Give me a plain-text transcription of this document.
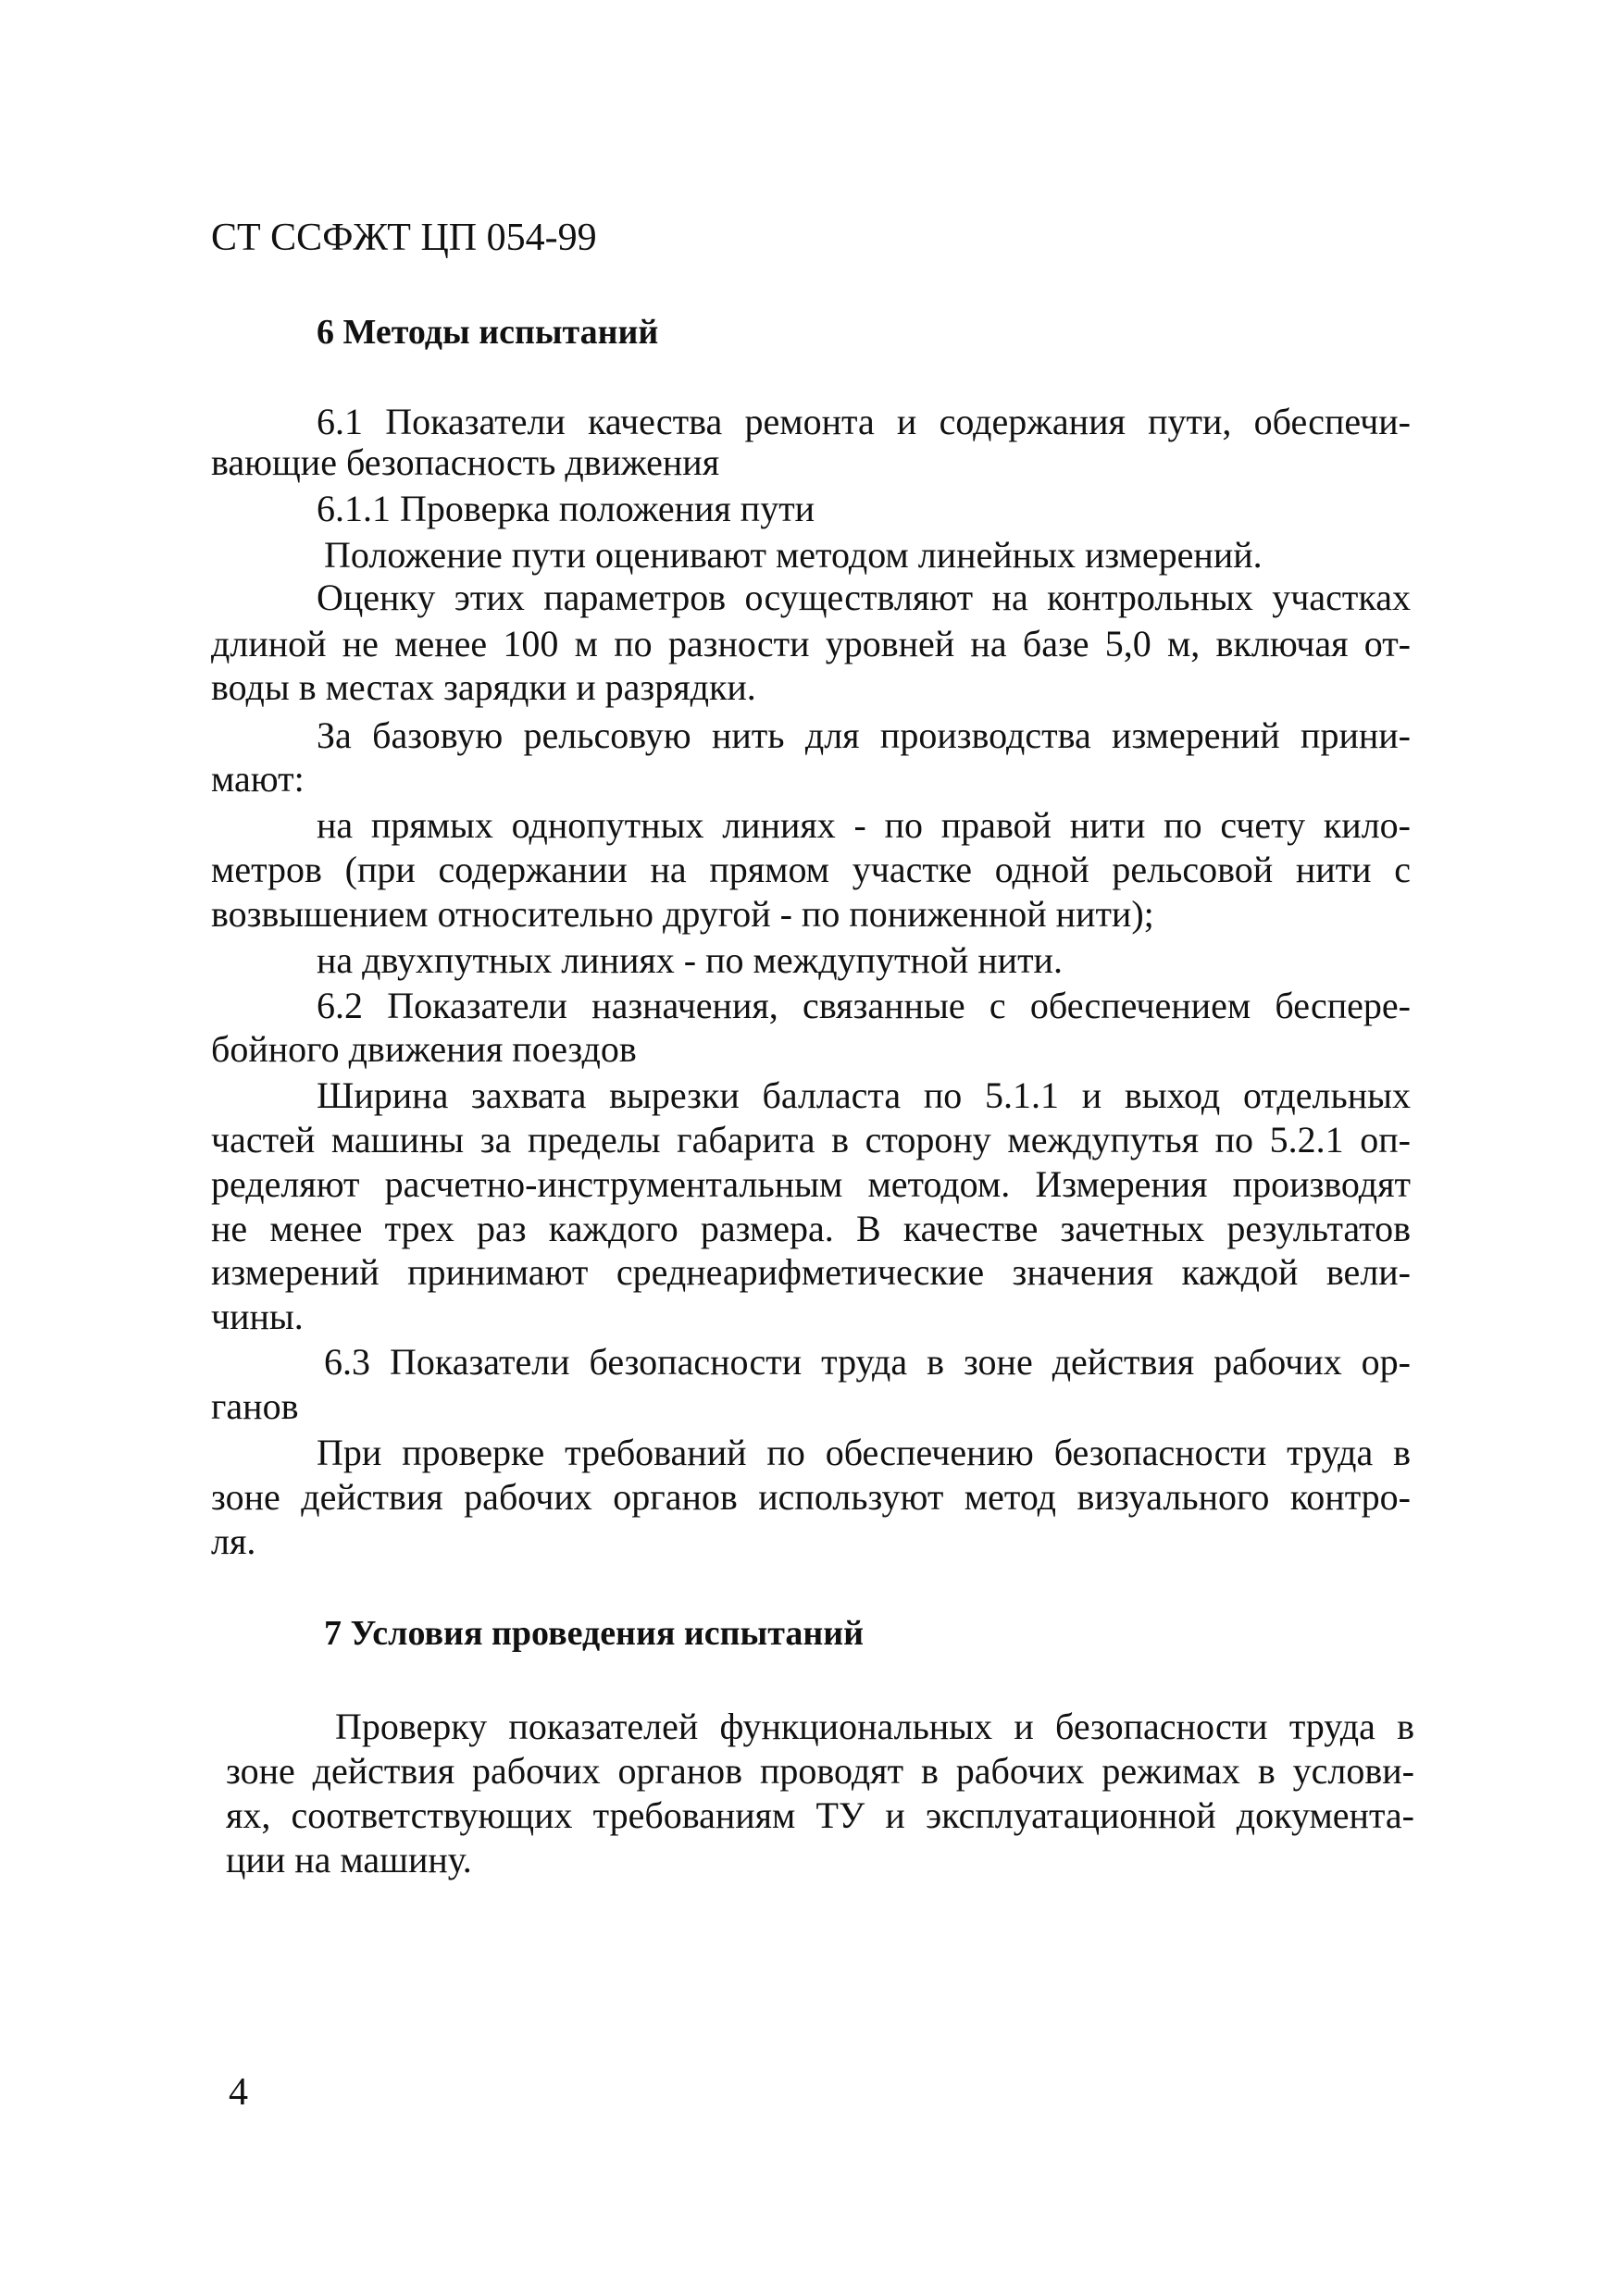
СТ ССФЖТ ЦП 054-99
6 Методы испытаний
6.1 Показатели качества ремонта и содержания пути, обеспечи-
вающие безопасность движения
6.1.1 Проверка положения пути
Положение пути оценивают методом линейных измерений.
Оценку этих параметров осуществляют на контрольных участках
длиной не менее 100 м по разности уровней на базе 5,0 м, включая от-
воды в местах зарядки и разрядки.
За базовую рельсовую нить для производства измерений прини-
мают:
на прямых однопутных линиях - по правой нити по счету кило-
метров (при содержании на прямом участке одной рельсовой нити с
возвышением относительно другой - по пониженной нити);
на двухпутных линиях - по междупутной нити.
6.2 Показатели назначения, связанные с обеспечением беспере-
бойного движения поездов
Ширина захвата вырезки балласта по 5.1.1 и выход отдельных
частей машины за пределы габарита в сторону междупутья по 5.2.1 оп-
ределяют расчетно-инструментальным методом. Измерения производят
не менее трех раз каждого размера. В качестве зачетных результатов
измерений принимают среднеарифметические значения каждой вели-
чины.
6.3 Показатели безопасности труда в зоне действия рабочих ор-
ганов
При проверке требований по обеспечению безопасности труда в
зоне действия рабочих органов используют метод визуального контро-
ля.
7 Условия проведения испытаний
Проверку показателей функциональных и безопасности труда в
зоне действия рабочих органов проводят в рабочих режимах в услови-
ях, соответствующих требованиям ТУ и эксплуатационной документа-
ции на машину.
4
